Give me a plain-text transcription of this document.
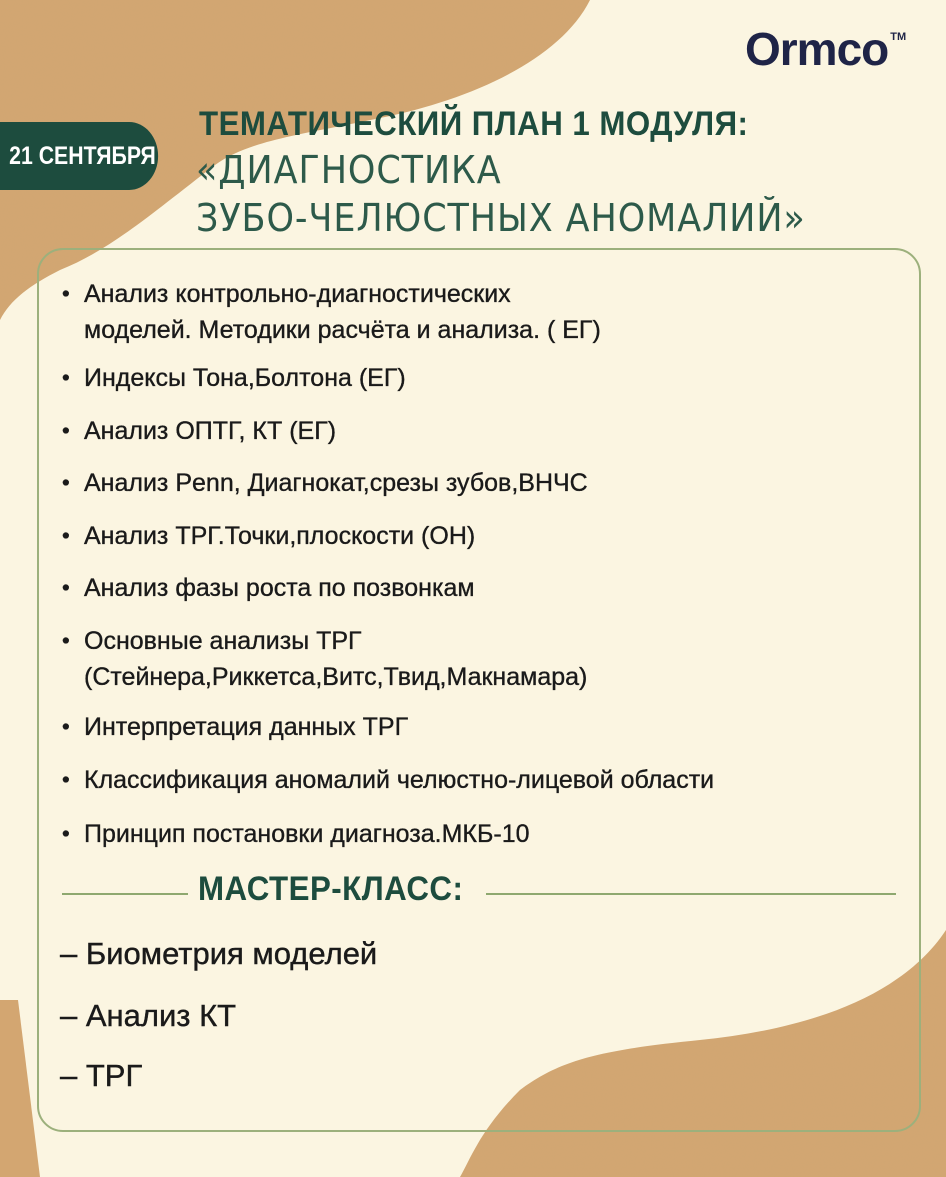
Ormco ™
21 СЕНТЯБРЯ
ТЕМАТИЧЕСКИЙ ПЛАН 1 МОДУЛЯ:
«ДИАГНОСТИКА
ЗУБО-ЧЕЛЮСТНЫХ АНОМАЛИЙ»
• Анализ контрольно-диагностических
моделей. Методики расчёта и анализа. ( ЕГ)
• Индексы Тона,Болтона (ЕГ)
• Анализ ОПТГ, КТ (ЕГ)
• Анализ Penn, Диагнокат,срезы зубов,ВНЧС
• Анализ ТРГ.Точки,плоскости (ОН)
• Анализ фазы роста по позвонкам
• Основные анализы ТРГ
(Стейнера,Риккетса,Витс,Твид,Макнамара)
• Интерпретация данных ТРГ
• Классификация аномалий челюстно-лицевой области
• Принцип постановки диагноза.МКБ-10
МАСТЕР-КЛАСС:
– Биометрия моделей
– Анализ КТ
– ТРГ
